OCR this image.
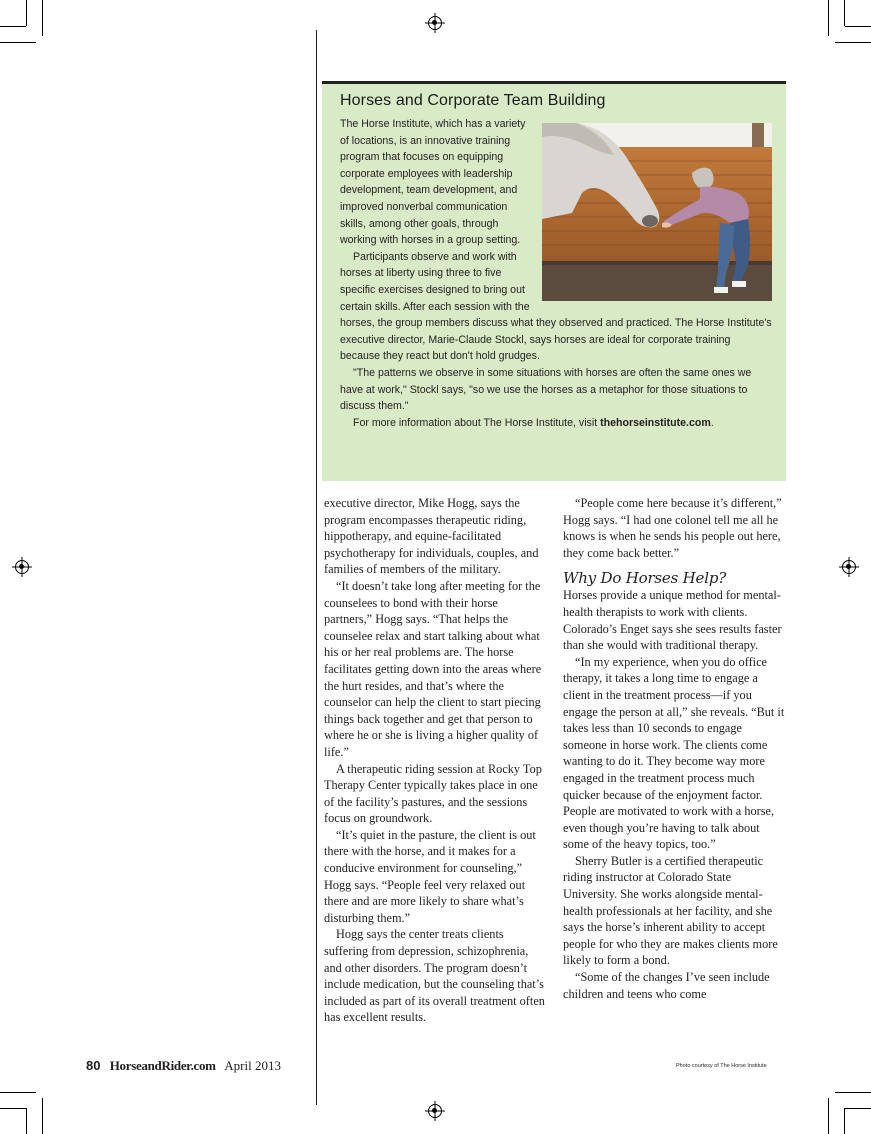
Horses and Corporate Team Building

The Horse Institute, which has a variety of locations, is an innovative training program that focuses on equipping corporate employees with leadership development, team development, and improved nonverbal communication skills, among other goals, through working with horses in a group setting.

Participants observe and work with horses at liberty using three to five specific exercises designed to bring out certain skills. After each session with the horses, the group members discuss what they observed and practiced. The Horse Institute's executive director, Marie-Claude Stockl, says horses are ideal for corporate training because they react but don't hold grudges.

"The patterns we observe in some situations with horses are often the same ones we have at work," Stockl says, "so we use the horses as a metaphor for those situations to discuss them."

For more information about The Horse Institute, visit thehorseinstitute.com.

executive director, Mike Hogg, says the program encompasses therapeutic riding, hippotherapy, and equine-facilitated psychotherapy for individuals, couples, and families of members of the military.

“It doesn’t take long after meeting for the counselees to bond with their horse partners,” Hogg says. “That helps the counselee relax and start talking about what his or her real problems are. The horse facilitates getting down into the areas where the hurt resides, and that’s where the counselor can help the client to start piecing things back together and get that person to where he or she is living a higher quality of life.”

A therapeutic riding session at Rocky Top Therapy Center typically takes place in one of the facility’s pastures, and the sessions focus on groundwork.

“It’s quiet in the pasture, the client is out there with the horse, and it makes for a conducive environment for counseling,” Hogg says. “People feel very relaxed out there and are more likely to share what’s disturbing them.”

Hogg says the center treats clients suffering from depression, schizophrenia, and other disorders. The program doesn’t include medication, but the counseling that’s included as part of its overall treatment often has excellent results.

“People come here because it’s different,” Hogg says. “I had one colonel tell me all he knows is when he sends his people out here, they come back better.”

Why Do Horses Help?

Horses provide a unique method for mental-health therapists to work with clients. Colorado’s Enget says she sees results faster than she would with traditional therapy.

“In my experience, when you do office therapy, it takes a long time to engage a client in the treatment process—if you engage the person at all,” she reveals. “But it takes less than 10 seconds to engage someone in horse work. The clients come wanting to do it. They become way more engaged in the treatment process much quicker because of the enjoyment factor. People are motivated to work with a horse, even though you’re having to talk about some of the heavy topics, too.”

Sherry Butler is a certified therapeutic riding instructor at Colorado State University. She works alongside mental-health professionals at her facility, and she says the horse’s inherent ability to accept people for who they are makes clients more likely to form a bond.

“Some of the changes I’ve seen include children and teens who come

80 HorseandRider.com April 2013	Photo courtesy of The Horse Institute
